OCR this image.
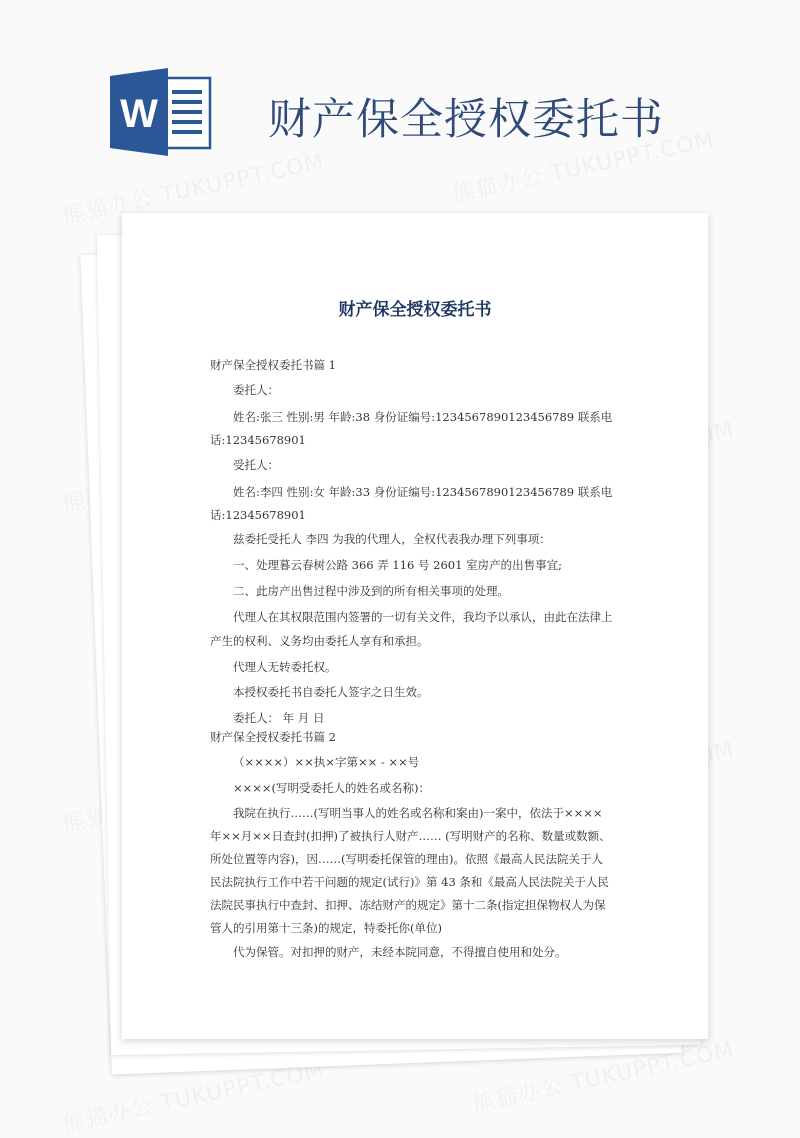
W	财产保全授权委托书
财产保全授权委托书
财产保全授权委托书篇 1
委托人：
姓名:张三 性别:男 年龄:38 身份证编号:123456789012345678​9 联系电
话:12345678901
受托人：
姓名:李四 性别:女 年龄:33 身份证编号:123456789012345678​9 联系电
话:12345678901
兹委托受托人 李四 为我的代理人，全权代表我办理下列事项：
一、处理暮云春树公路 366 弄 116 号 2601 室房产的出售事宜;
二、此房产出售过程中涉及到的所有相关事项的处理。
代理人在其权限范围内签署的一切有关文件，我均予以承认，由此在法律上
产生的权利、义务均由委托人享有和承担。
代理人无转委托权。
本授权委托书自委托人签字之日生效。
委托人： 年 月 日
财产保全授权委托书篇 2
（××××）××执×字第×× - ××号
××××(写明受委托人的姓名或名称)：
我院在执行……(写明当事人的姓名或名称和案由)一案中，依法于××××
年××月××日查封(扣押)了被执行人财产…… (写明财产的名称、数量或数额、
所处位置等内容)，因……(写明委托保管的理由)。依照《最高人民法院关于人
民法院执行工作中若干问题的规定(试行)》第 43 条和《最高人民法院关于人民
法院民事执行中查封、扣押、冻结财产的规定》第十二条(指定担保物权人为保
管人的引用第十三条)的规定，特委托你(单位)
代为保管。对扣押的财产，未经本院同意，不得擅自使用和处分。
